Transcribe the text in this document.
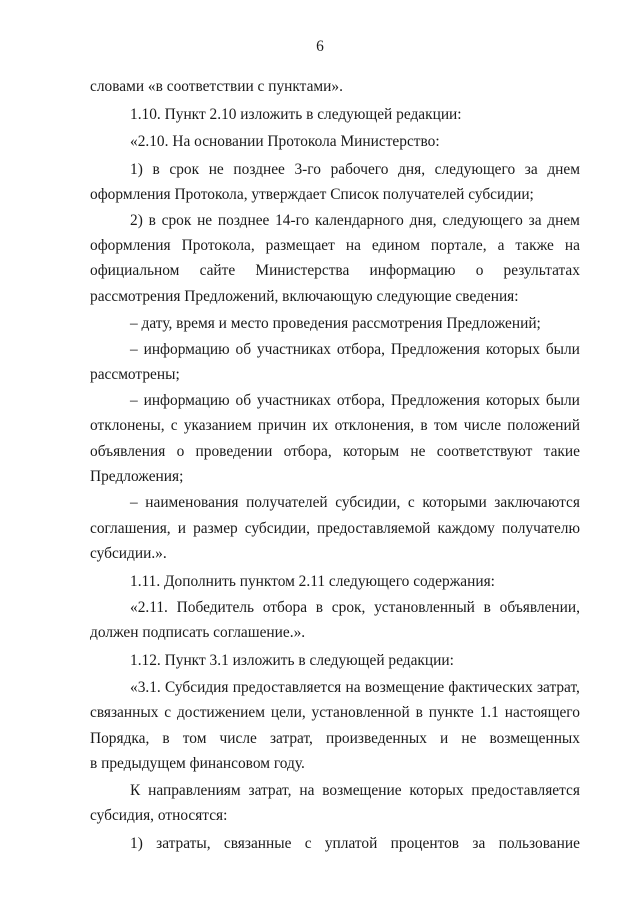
6
словами «в соответствии с пунктами».
1.10. Пункт 2.10 изложить в следующей редакции:
«2.10. На основании Протокола Министерство:
1) в срок не позднее 3-го рабочего дня, следующего за днем
оформления Протокола, утверждает Список получателей субсидии;
2) в срок не позднее 14-го календарного дня, следующего за днем
оформления Протокола, размещает на едином портале, а также на
официальном сайте Министерства информацию о результатах
рассмотрения Предложений, включающую следующие сведения:
– дату, время и место проведения рассмотрения Предложений;
– информацию об участниках отбора, Предложения которых были
рассмотрены;
– информацию об участниках отбора, Предложения которых были
отклонены, с указанием причин их отклонения, в том числе положений
объявления о проведении отбора, которым не соответствуют такие
Предложения;
– наименования получателей субсидии, с которыми заключаются
соглашения, и размер субсидии, предоставляемой каждому получателю
субсидии.».
1.11. Дополнить пунктом 2.11 следующего содержания:
«2.11. Победитель отбора в срок, установленный в объявлении,
должен подписать соглашение.».
1.12. Пункт 3.1 изложить в следующей редакции:
«3.1. Субсидия предоставляется на возмещение фактических затрат,
связанных с достижением цели, установленной в пункте 1.1 настоящего
Порядка, в том числе затрат, произведенных и не возмещенных
в предыдущем финансовом году.
К направлениям затрат, на возмещение которых предоставляется
субсидия, относятся:
1) затраты, связанные с уплатой процентов за пользование
